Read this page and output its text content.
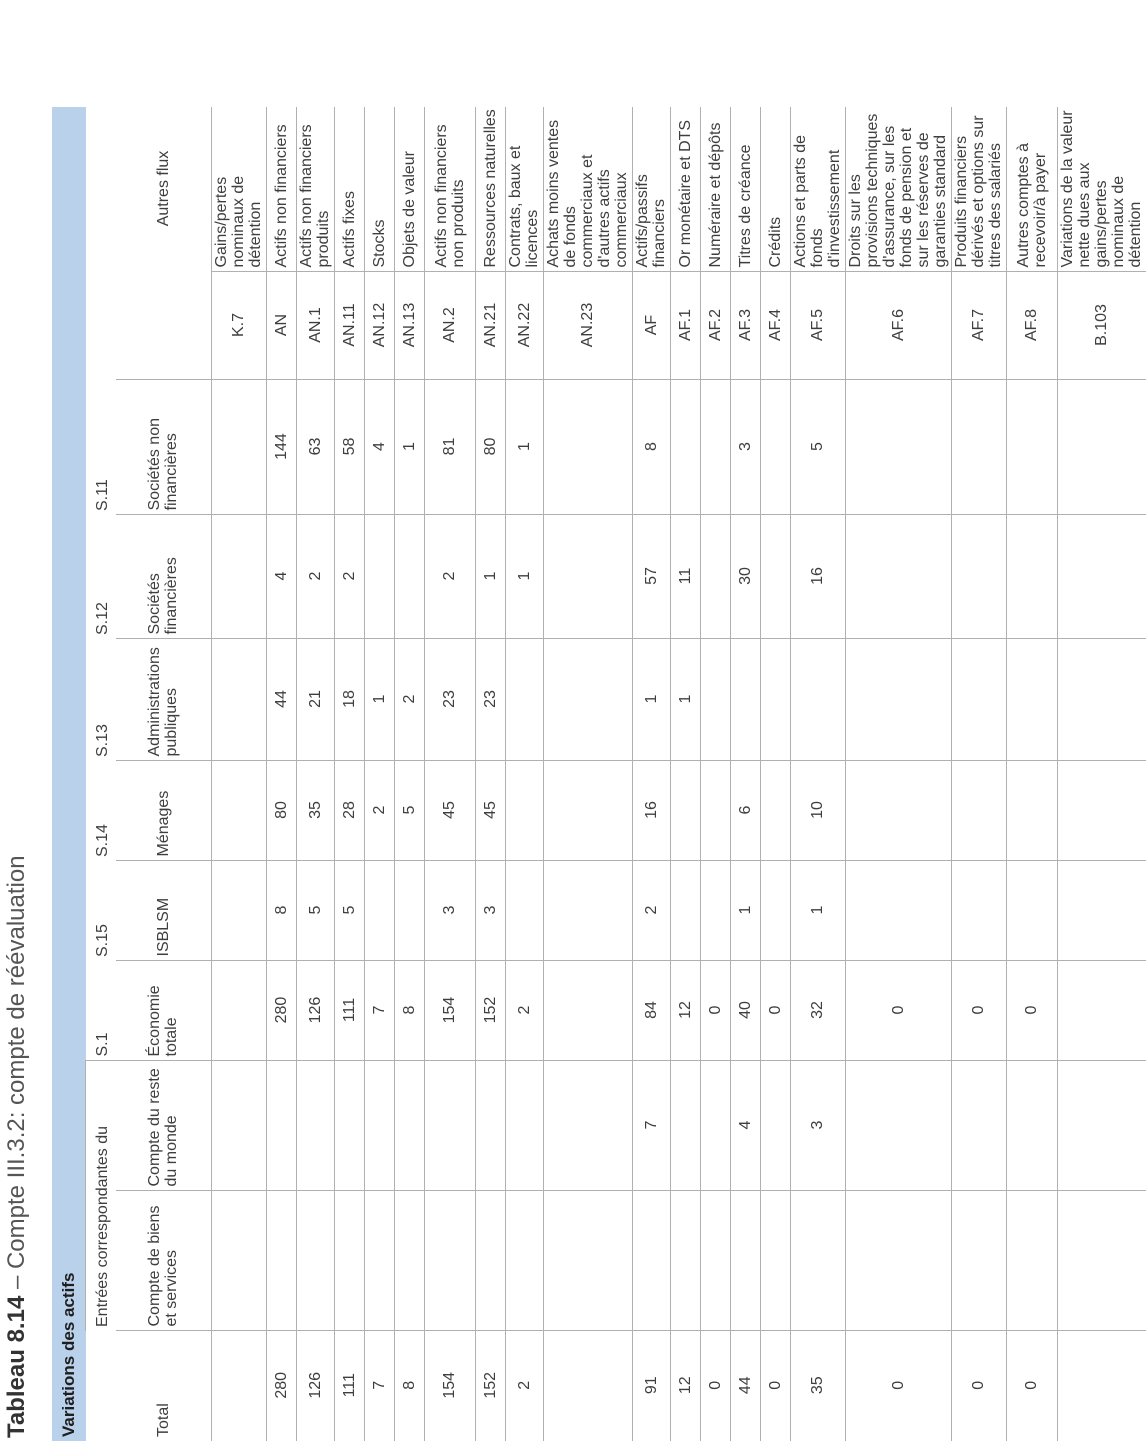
Tableau 8.14 – Compte III.3.2: compte de réévaluation
Variations des actifs										
	Entrées correspondantes du		S.1	S.15	S.14	S.13	S.12	S.11		
Total	Compte de biens et services	Compte du reste du monde	Économie totale	ISBLSM	Ménages	Administrations publiques	Sociétés financières	Sociétés non financières		Autres flux
									K.7	Gains/pertes nominaux de détention
280			280	8	80	44	4	144	AN	Actifs non financiers
126			126	5	35	21	2	63	AN.1	Actifs non financiers produits
111			111	5	28	18	2	58	AN.11	Actifs fixes
7			7		2	1		4	AN.12	Stocks
8			8		5	2		1	AN.13	Objets de valeur
154			154	3	45	23	2	81	AN.2	Actifs non financiers non produits
152			152	3	45	23	1	80	AN.21	Ressources naturelles
2			2				1	1	AN.22	Contrats, baux et licences
									AN.23	Achats moins ventes de fonds commerciaux et d'autres actifs commerciaux
91		7	84	2	16	1	57	8	AF	Actifs/passifs financiers
12			12			1	11		AF.1	Or monétaire et DTS
0			0						AF.2	Numéraire et dépôts
44		4	40	1	6		30	3	AF.3	Titres de créance
0			0						AF.4	Crédits
35		3	32	1	10		16	5	AF.5	Actions et parts de fonds d'investissement
0			0						AF.6	Droits sur les provisions techniques d'assurance, sur les fonds de pension et sur les réserves de garanties standard
0			0						AF.7	Produits financiers dérivés et options sur titres des salariés
0			0						AF.8	Autres comptes à recevoir/à payer
									B.103	Variations de la valeur nette dues aux gains/pertes nominaux de détention
